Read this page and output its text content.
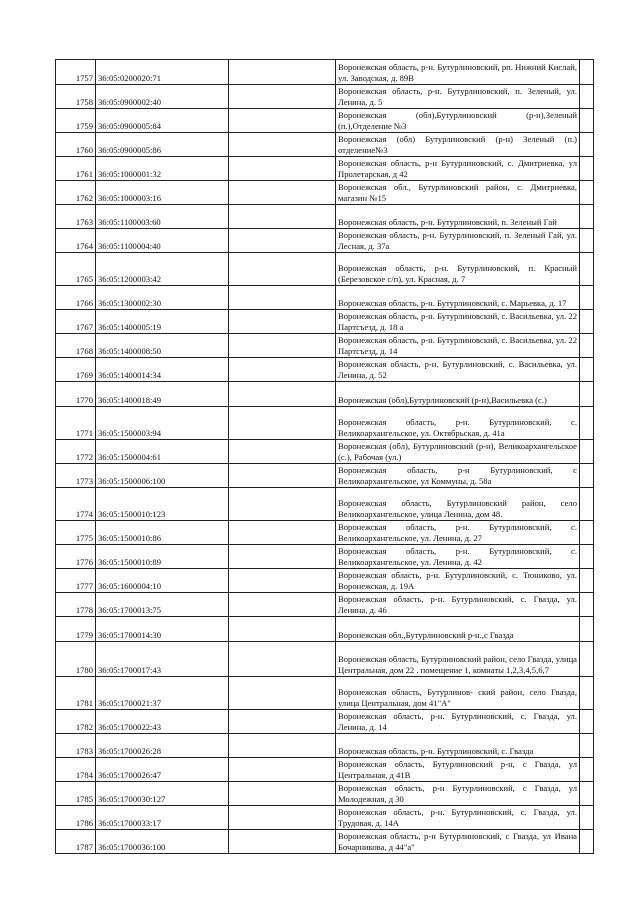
1757	36:05:0200020:71		Воронежская область, р-н. Бутурлиновский, рп. Нижний Кислай, ул. Заводская, д. 89В	
1758	36:05:0900002:40		Воронежская область, р-н. Бутурлиновский, п. Зеленый, ул. Ленина, д. 5	
1759	36:05:0900005:84		Воронежская (обл),Бутурлиновский (р-н),Зеленый (п.),Отделение №3	
1760	36:05:0900005:86		Воронежская (обл) Бутурлиновский (р-н) Зеленый (п.) отделение№3	
1761	36:05:1000001:32		Воронежская область, р-н Бутурлиновский, с. Дмитриевка, ул Пролетарская, д 42	
1762	36:05:1000003:16		Воронежская обл., Бутурлиновский район, с. Дмитриевка, магазин №15	
1763	36:05:1100003:60		Воронежская область, р-н. Бутурлиновский, п. Зеленый Гай	
1764	36:05:1100004:40		Воронежская область, р-н. Бутурлиновский, п. Зеленый Гай, ул. Лесная, д. 37а	
1765	36:05:1200003:42		Воронежская область, р-н. Бутурлиновский, п. Красный (Березовское с/п), ул. Красная, д. 7	
1766	36:05:1300002:30		Воронежская область, р-н. Бутурлиновский, с. Марьевка, д. 17	
1767	36:05:1400005:19		Воронежская область, р-н. Бутурлиновский, с. Васильевка, ул. 22 Партсъезд, д. 18 а	
1768	36:05:1400008:50		Воронежская область, р-н. Бутурлиновский, с. Васильевка, ул. 22 Партсъезд, д. 14	
1769	36:05:1400014:34		Воронежская область, р-н. Бутурлиновский, с. Васильевка, ул. Ленина, д. 52	
1770	36:05:1400018:49		Воронежская (обл),Бутурлиновский (р-н),Васильевка (с.)	
1771	36:05:1500003:94		Воронежская область, р-н. Бутурлиновский, с. Великоархангельское, ул. Октябрьская, д. 41а	
1772	36:05:1500004:61		Воронежская (обл), Бутурлиновский (р-н), Великоархангельское (с.), Рабочая (ул.)	
1773	36:05:1500006:100		Воронежская область, р-н Бутурлиновский, с Великоархангельское, ул Коммуны, д. 58а	
1774	36:05:1500010:123		Воронежская область, Бутурлиновский район, село Великоархангельское, улица Ленина, дом 48.	
1775	36:05:1500010:86		Воронежская область, р-н. Бутурлиновский, с. Великоархангельское, ул. Ленина, д. 27	
1776	36:05:1500010:89		Воронежская область, р-н. Бутурлиновский, с. Великоархангельское, ул. Ленина, д. 42	
1777	36:05:1600004:10		Воронежская область, р-н. Бутурлиновский, с. Тюниково, ул. Воронежская, д. 19А	
1778	36:05:1700013:75		Воронежская область, р-н. Бутурлиновский, с. Гвазда, ул. Ленина, д. 46	
1779	36:05:1700014:30		Воронежская обл.,Бутурлиновский р-н.,с Гвазда	
1780	36:05:1700017:43		Воронежская область, Бутурлиновский район, село Гвазда, улица Центральная, дом 22 . помещение 1, комнаты 1,2,3,4,5,6,7	
1781	36:05:1700021:37		Воронежская область, Бутурлинов- ский район, село Гвазда, улица Центральная, дом 41"А"	
1782	36:05:1700022:43		Воронежская область, р-н. Бутурлиновский, с. Гвазда, ул. Ленина, д. 14	
1783	36:05:1700026:28		Воронежская область, р-н. Бутурлиновский, с. Гвазда	
1784	36:05:1700026:47		Воронежская область, Бутурлиновский р-н, с Гвазда, ул Центральная, д 41В	
1785	36:05:1700030:127		Воронежская область, р-н Бутурлиновский, с Гвазда, ул Молодежная, д 30	
1786	36:05:1700033:17		Воронежская область, р-н. Бутурлиновский, с. Гвазда, ул. Трудовая, д. 14А	
1787	36:05:1700036:100		Воронежская область, р-н Бутурлиновский, с Гвазда, ул Ивана Бочарникова, д 44"а"	
